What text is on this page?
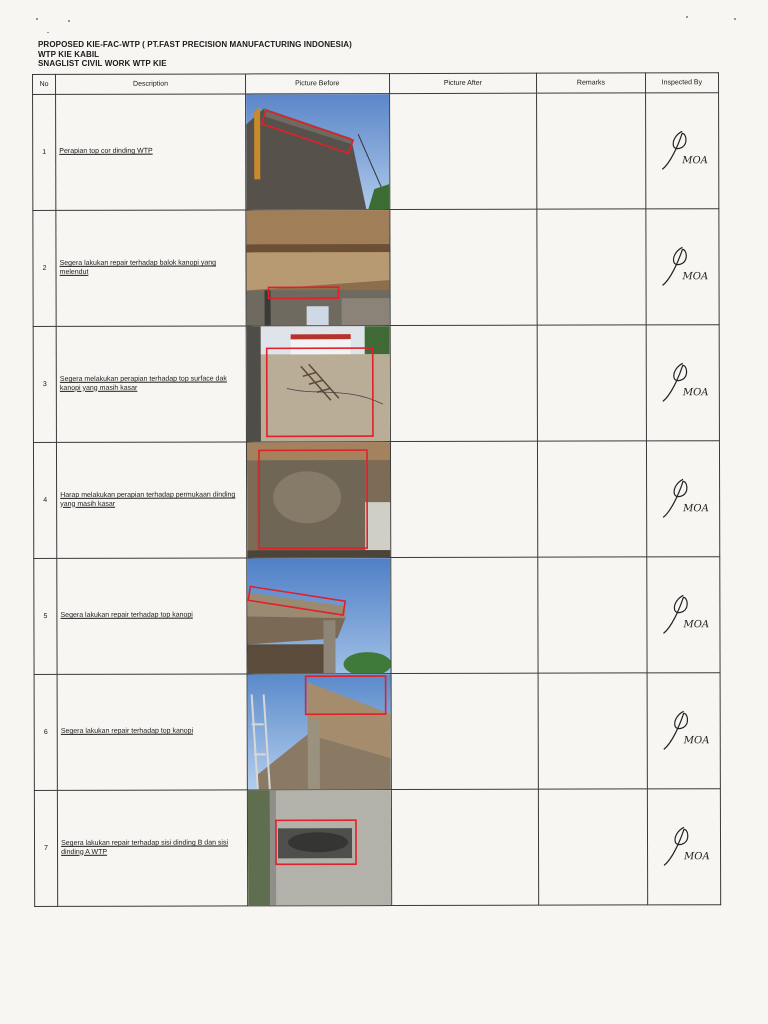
PROPOSED KIE-FAC-WTP ( PT.FAST PRECISION MANUFACTURING INDONESIA)
WTP KIE KABIL
SNAGLIST CIVIL WORK WTP KIE
No	Description	Picture Before	Picture After	Remarks	Inspected By
1	Perapian top cor dinding WTP				MOA

2	Segera lakukan repair terhadap balok kanopi yang melendut				MOA

3	Segera melakukan perapian terhadap top surface dak kanopi yang masih kasar				MOA

4	Harap melakukan perapian terhadap permukaan dinding yang masih kasar				MOA

5	Segera lakukan repair terhadap top kanopi				MOA

6	Segera lakukan repair terhadap top kanopi				MOA

7	Segera lakukan repair terhadap sisi dinding B dan sisi dinding A WTP				MOA
